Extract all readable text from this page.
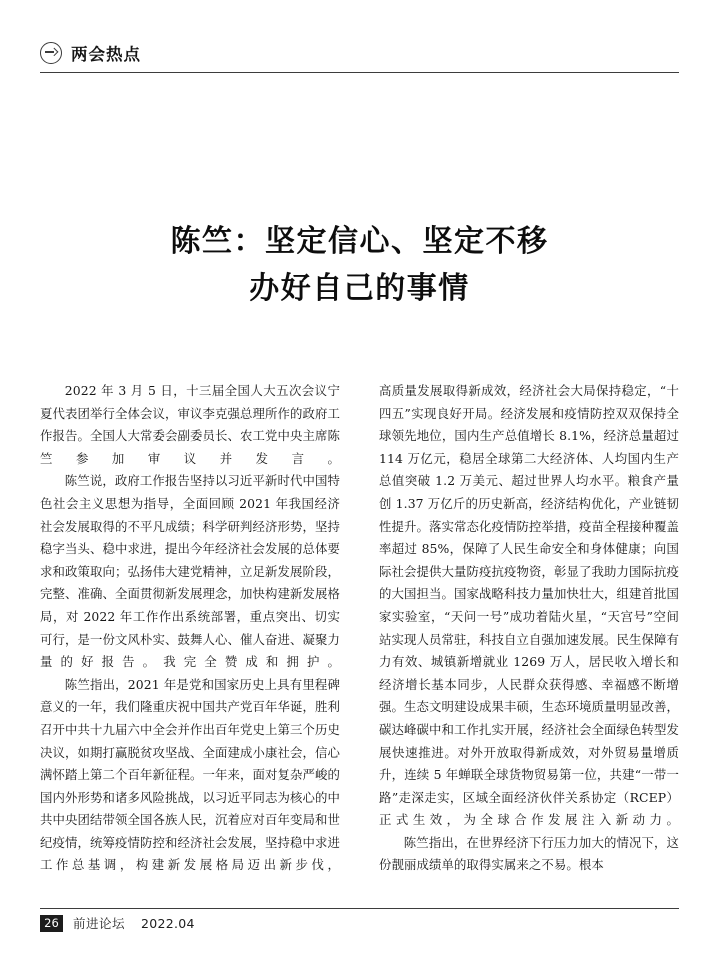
两会热点
陈竺：坚定信心、坚定不移
办好自己的事情

2022 年 3 月 5 日，十三届全国人大五次会议宁夏代表团举行全体会议，审议李克强总理所作的政府工作报告。全国人大常委会副委员长、农工党中央主席陈竺参加审议并发言。

陈竺说，政府工作报告坚持以习近平新时代中国特色社会主义思想为指导，全面回顾 2021 年我国经济社会发展取得的不平凡成绩；科学研判经济形势，坚持稳字当头、稳中求进，提出今年经济社会发展的总体要求和政策取向；弘扬伟大建党精神，立足新发展阶段，完整、准确、全面贯彻新发展理念，加快构建新发展格局，对 2022 年工作作出系统部署，重点突出、切实可行，是一份文风朴实、鼓舞人心、催人奋进、凝聚力量的好报告。我完全赞成和拥护。

陈竺指出，2021 年是党和国家历史上具有里程碑意义的一年，我们隆重庆祝中国共产党百年华诞，胜利召开中共十九届六中全会并作出百年党史上第三个历史决议，如期打赢脱贫攻坚战、全面建成小康社会，信心满怀踏上第二个百年新征程。一年来，面对复杂严峻的国内外形势和诸多风险挑战，以习近平同志为核心的中共中央团结带领全国各族人民，沉着应对百年变局和世纪疫情，统筹疫情防控和经济社会发展，坚持稳中求进工作总基调，构建新发展格局迈出新步伐，

高质量发展取得新成效，经济社会大局保持稳定，“十四五”实现良好开局。经济发展和疫情防控双双保持全球领先地位，国内生产总值增长 8.1%，经济总量超过 114 万亿元，稳居全球第二大经济体、人均国内生产总值突破 1.2 万美元、超过世界人均水平。粮食产量创 1.37 万亿斤的历史新高，经济结构优化，产业链韧性提升。落实常态化疫情防控举措，疫苗全程接种覆盖率超过 85%，保障了人民生命安全和身体健康；向国际社会提供大量防疫抗疫物资，彰显了我助力国际抗疫的大国担当。国家战略科技力量加快壮大，组建首批国家实验室，“天问一号”成功着陆火星，“天宫号”空间站实现人员常驻，科技自立自强加速发展。民生保障有力有效、城镇新增就业 1269 万人，居民收入增长和经济增长基本同步，人民群众获得感、幸福感不断增强。生态文明建设成果丰硕，生态环境质量明显改善，碳达峰碳中和工作扎实开展，经济社会全面绿色转型发展快速推进。对外开放取得新成效，对外贸易量增质升，连续 5 年蝉联全球货物贸易第一位，共建“一带一路”走深走实，区域全面经济伙伴关系协定（RCEP）正式生效，为全球合作发展注入新动力。

陈竺指出，在世界经济下行压力加大的情况下，这份靓丽成绩单的取得实属来之不易。根本

26	前进论坛 2022.04
